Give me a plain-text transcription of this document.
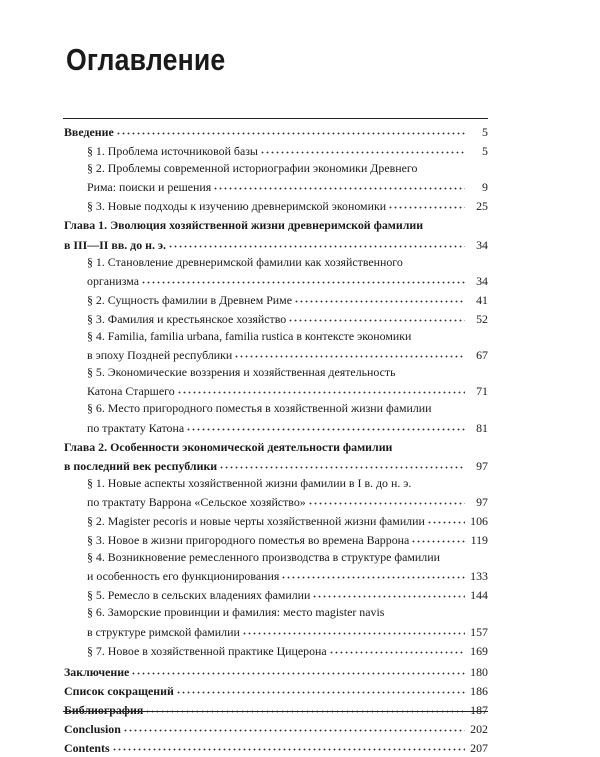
Оглавление
Введение	5
§ 1. Проблема источниковой базы	5
§ 2. Проблемы современной историографии экономики Древнего
Рима: поиски и решения	9
§ 3. Новые подходы к изучению древнеримской экономики	25
Глава 1. Эволюция хозяйственной жизни древнеримской фамилии
в III—II вв. до н. э.	34
§ 1. Становление древнеримской фамилии как хозяйственного
организма	34
§ 2. Сущность фамилии в Древнем Риме	41
§ 3. Фамилия и крестьянское хозяйство	52
§ 4. Familia, familia urbana, familia rustica в контексте экономики
в эпоху Поздней республики	67
§ 5. Экономические воззрения и хозяйственная деятельность
Катона Старшего	71
§ 6. Место пригородного поместья в хозяйственной жизни фамилии
по трактату Катона	81
Глава 2. Особенности экономической деятельности фамилии
в последний век республики	97
§ 1. Новые аспекты хозяйственной жизни фамилии в I в. до н. э.
по трактату Варрона «Сельское хозяйство»	97
§ 2. Magister pecoris и новые черты хозяйственной жизни фамилии	106
§ 3. Новое в жизни пригородного поместья во времена Варрона	119
§ 4. Возникновение ремесленного производства в структуре фамилии
и особенность его функционирования	133
§ 5. Ремесло в сельских владениях фамилии	144
§ 6. Заморские провинции и фамилия: место magister navis
в структуре римской фамилии	157
§ 7. Новое в хозяйственной практике Цицерона	169
Заключение	180
Список сокращений	186
Библиография	187
Conclusion	202
Contents	207
